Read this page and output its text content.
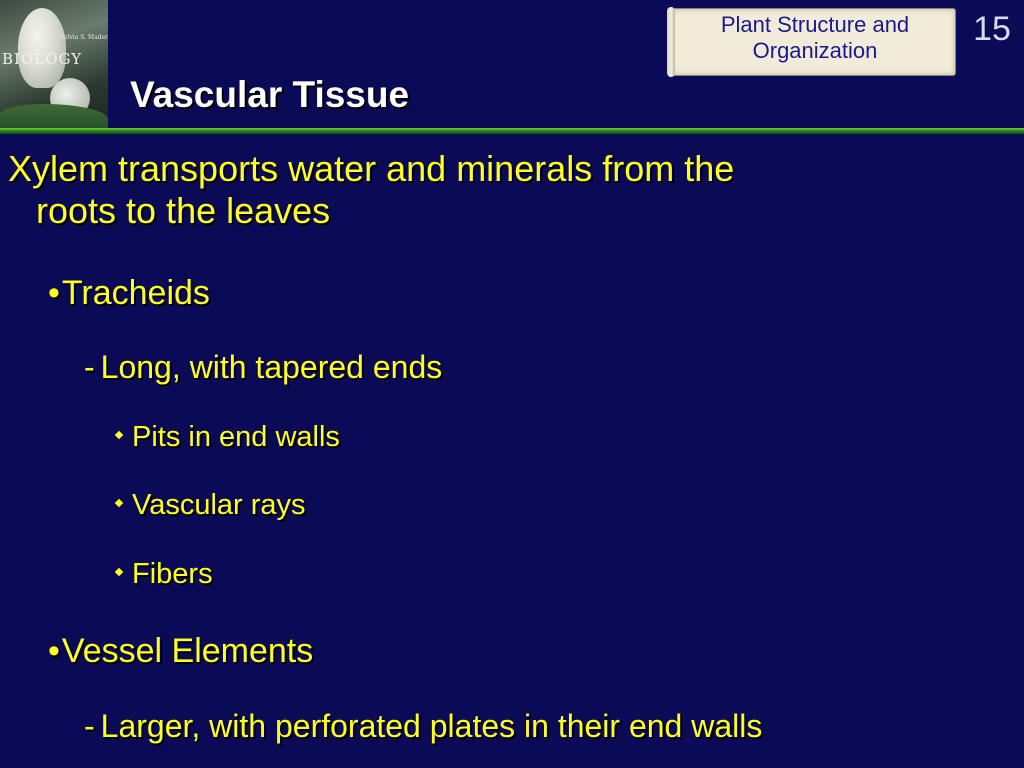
Sylvia S. Mader
BIOLOGY
Vascular Tissue
Plant Structure and Organization
15
Xylem transports water and minerals from the
roots to the leaves
•Tracheids
- Long, with tapered ends
Pits in end walls
Vascular rays
Fibers
•Vessel Elements
- Larger, with perforated plates in their end walls
